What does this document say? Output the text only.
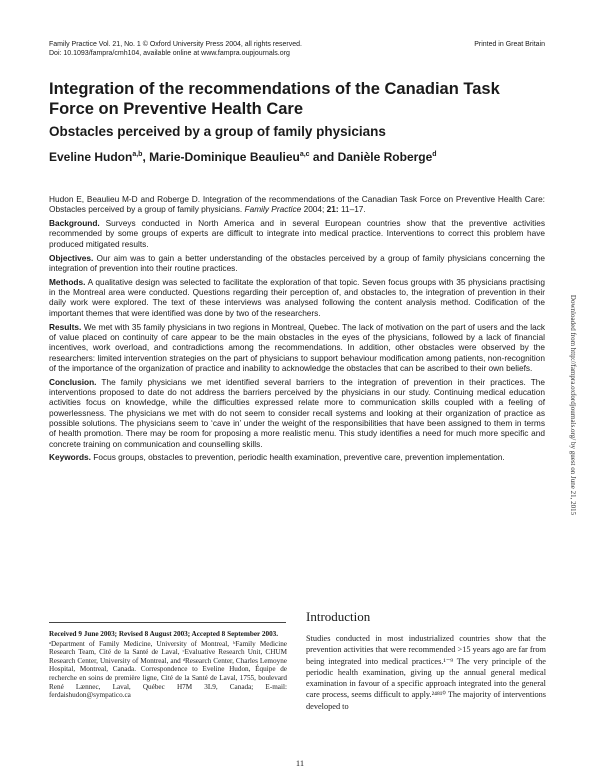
Family Practice Vol. 21, No. 1 © Oxford University Press 2004, all rights reserved.
Doi: 10.1093/fampra/cmh104, available online at www.fampra.oupjournals.org
Printed in Great Britain
Integration of the recommendations of the Canadian Task Force on Preventive Health Care
Obstacles perceived by a group of family physicians
Eveline Hudon$^{a,b}$, Marie-Dominique Beaulieu$^{a,c}$ and Danièle Roberge$^d$

Hudon E, Beaulieu M-D and Roberge D. Integration of the recommendations of the Canadian Task Force on Preventive Health Care: Obstacles perceived by a group of family physicians. Family Practice 2004; 21: 11–17.

Background. Surveys conducted in North America and in several European countries show that the preventive activities recommended by some groups of experts are difficult to integrate into medical practice. Interventions to correct this problem have produced mitigated results.

Objectives. Our aim was to gain a better understanding of the obstacles perceived by a group of family physicians concerning the integration of prevention into their routine practices.

Methods. A qualitative design was selected to facilitate the exploration of that topic. Seven focus groups with 35 physicians practising in the Montreal area were conducted. Questions regarding their perception of, and obstacles to, the integration of prevention in their daily work were explored. The text of these interviews was analysed following the content analysis method. Codification of the important themes that were identified was done by two of the researchers.

Results. We met with 35 family physicians in two regions in Montreal, Quebec. The lack of motivation on the part of users and the lack of value placed on continuity of care appear to be the main obstacles in the eyes of the physicians, followed by a lack of financial incentives, work overload, and contradictions among the recommendations. In addition, other obstacles were observed by the researchers: limited intervention strategies on the part of physicians to support behaviour modification among patients, non-recognition of the importance of the organization of practice and inability to acknowledge the obstacles that can be ascribed to their own beliefs.

Conclusion. The family physicians we met identified several barriers to the integration of prevention in their practices. The interventions proposed to date do not address the barriers perceived by the physicians in our study. Continuing medical education activities focus on knowledge, while the difficulties expressed relate more to communication skills coupled with a feeling of powerlessness. The physicians we met with do not seem to consider recall systems and looking at their organization of practice as possible solutions. The physicians seem to ‘cave in’ under the weight of the responsibilities that have been assigned to them in terms of health promotion. There may be room for proposing a more realistic menu. This study identifies a need for much more specific and concrete training on communication and counselling skills.

Keywords. Focus groups, obstacles to prevention, periodic health examination, preventive care, prevention implementation.	Downloaded from http://fampra.oxfordjournals.org/ by guest on June 21, 2015

Received 9 June 2003; Revised 8 August 2003; Accepted 8 September 2003.

ᵃDepartment of Family Medicine, University of Montreal, ᵇFamily Medicine Research Team, Cité de la Santé de Laval, ᶜEvaluative Research Unit, CHUM Research Center, University of Montreal, and ᵈResearch Center, Charles Lemoyne Hospital, Montreal, Canada. Correspondence to Eveline Hudon, Équipe de recherche en soins de première ligne, Cité de la Santé de Laval, 1755, boulevard René Lænnec, Laval, Québec H7M 3L9, Canada; E-mail: ferdaishudon@sympatico.ca

Introduction
Studies conducted in most industrialized countries show that the prevention activities that were recommended >15 years ago are far from being integrated into medical practices.¹⁻⁹ The very principle of the periodic health examination, giving up the annual general medical examination in favour of a specific approach integrated into the general care process, seems difficult to apply.²⁴⁸¹⁰ The majority of interventions developed to
11
